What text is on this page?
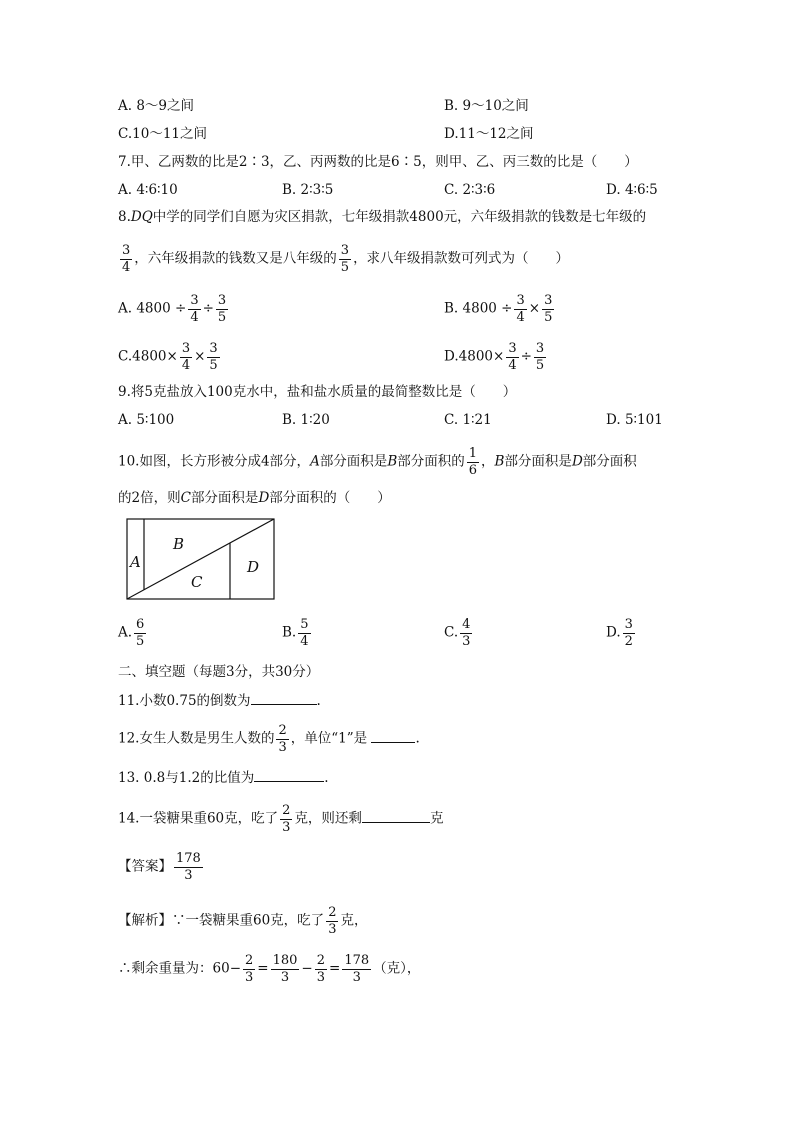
A. 8～9之间	B. 9～10之间
C.10～11之间	D.11～12之间
7.甲、乙两数的比是2∶3，乙、丙两数的比是6∶5，则甲、乙、丙三数的比是（　　）
A. 4∶6∶10	B. 2∶3∶5	C. 2∶3∶6	D. 4∶6∶5
8.DQ中学的同学们自愿为灾区捐款，七年级捐款4800元，六年级捐款的钱数是七年级的
$\frac{3}{4}$ ，六年级捐款的钱数又是八年级的 $\frac{3}{5}$ ，求八年级捐款数可列式为（　　）
A. $4800 \div \frac{3}{4} \div \frac{3}{5}$	B. $4800 \div \frac{3}{4} \times \frac{3}{5}$
$C.4800\times \frac{3}{4} \times \frac{3}{5}$	$D.4800\times \frac{3}{4} \div \frac{3}{5}$
9.将5克盐放入100克水中，盐和盐水质量的最简整数比是（　　）
A. 5∶100	B. 1∶20	C. 1∶21	D. 5∶101
10.如图，长方形被分成4部分，A部分面积是B部分面积的 $\frac{1}{6}$ ，B部分面积是D部分面积
的2倍，则C部分面积是D部分面积的（　　）
A
B
C
D
A. $\frac{6}{5}$	B. $\frac{5}{4}$	C. $\frac{4}{3}$	D. $\frac{3}{2}$
二、填空题（每题3分，共30分）
11.小数0.75的倒数为	.
12.女生人数是男生人数的 $\frac{2}{3}$ ，单位“1”是	.
13. 0.8与1.2的比值为	.
14.一袋糖果重60克，吃了 $\frac{2}{3}$ 克，则还剩	克
【答案】 $\frac{178}{3}$
【解析】∵一袋糖果重60克，吃了 $\frac{2}{3}$ 克，
∴剩余重量为：$60- \frac{2}{3} = \frac{180}{3} - \frac{2}{3} = \frac{178}{3}$ （克），
